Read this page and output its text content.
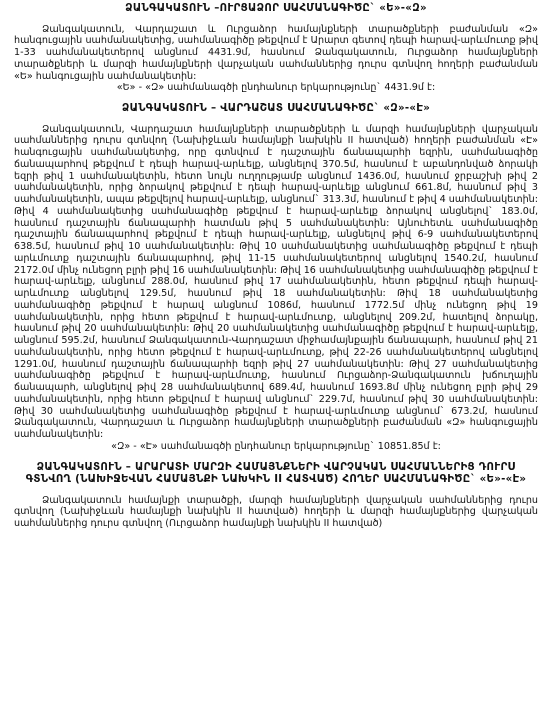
ՁԱՆԳԱԿԱՏՈՒՆ –ՈՒՐՑԱՁՈՐ ՍԱՀՄԱՆԱԳԻԾԸ` «Ե»-«Զ»

Ձանգակատուն, Վարդաշատ և Ուրցաձոր համայնքների տարածքների բաժանման «Զ» հանգուցային սահմանակետից, սահմանագիծը թեքվում է Արարտ գետով դեպի հարավ-արևմուտք թիվ 1-33 սահմանակետերով անցնում 4431.9մ, հասնում Ձանգակատուն, Ուրցաձոր համայնքների տարածքների և մարզի համայնքների վարչական սահմաններից դուրս գտնվող հողերի բաժանման «Ե» հանգուցային սահմանակետին:

«Ե» - «Զ» սահմանագծի ընդհանուր երկարությունը` 4431.9մ է:

ՁԱՆԳԱԿԱՏՈՒՆ – ՎԱՐԴԱՇԱՏ ՍԱՀՄԱՆԱԳԻԾԸ` «Զ»-«Է»

Ձանգակատուն, Վարդաշատ համայնքների տարածքների և մարզի համայնքների վարչական սահմաններից դուրս գտնվող (Նախիջևան համայնքի նախկին II հատված) հողերի բաժանման «Է» հանգուցային սահմանակետից, որը գտնվում է դաշտային ճանապարհի եզրին, սահմանագիծը ճանապարհով թեքվում է դեպի հարավ-արևելք, անցնելով 370.5մ, հասնում է աբանդոնված ձորակի եզրի թիվ 1 սահմանակետին, հետո նույն ուղղությամբ անցնում 1436.0մ, հասնում ջրբաշխի թիվ 2 սահմանակետին, որից ձորակով թեքվում է դեպի հարավ-արևելք անցնում 661.8մ, հասնում թիվ 3 սահմանակետին, ապա թեքվելով հարավ-արևելք, անցնում` 313.3մ, հասնում է թիվ 4 սահմանակետին: Թիվ 4 սահմանակետից սահմանագիծը թեքվում է հարավ-արևելք ձորակով անցնելով` 183.0մ, հասնում դաշտային ճանապարհի հատման թիվ 5 սահմանակետին: Այնուհետև սահմանագիծը դաշտային ճանապարհով թեքվում է դեպի հարավ-արևելք, անցնելով թիվ 6-9 սահմանակետերով 638.5մ, հասնում թիվ 10 սահմանակետին: Թիվ 10 սահմանակետից սահմանագիծը թեքվում է դեպի արևմուտք դաշտային ճանապարհով, թիվ 11-15 սահմանակետերով անցնելով 1540.2մ, հասնում 2172.0մ մինչ ունեցող բլրի թիվ 16 սահմանակետին: Թիվ 16 սահմանակետից սահմանագիծը թեքվում է հարավ-արևելք, անցնում 288.0մ, հասնում թիվ 17 սահմանակետին, հետո թեքվում դեպի հարավ-արևմուտք անցնելով 129.5մ, հասնում թիվ 18 սահմանակետին: Թիվ 18 սահմանակետից սահմանագիծը թեքվում է հարավ անցնում 1086մ, հասնում 1772.5մ մինչ ունեցող թիվ 19 սահմանակետին, որից հետո թեքվում է հարավ-արևմուտք, անցնելով 209.2մ, հատելով ձորակը, հասնում թիվ 20 սահմանակետին: Թիվ 20 սահմանակետից սահմանագիծը թեքվում է հարավ-արևելք, անցնում 595.2մ, հասնում Ձանգակատուն-Վարդաշատ միջհամայնքային ճանապարհ, հասնում թիվ 21 սահմանակետին, որից հետո թեքվում է հարավ-արևմուտք, թիվ 22-26 սահմանակետերով անցնելով 1291.0մ, հասնում դաշտային ճանապարհի եզրի թիվ 27 սահմանակետին: Թիվ 27 սահմանակետից սահմանագիծը թեքվում է հարավ-արևմուտք, հասնում Ուրցաձոր-Ձանգակատուն խճուղային ճանապարհ, անցնելով թիվ 28 սահմանակետով 689.4մ, հասնում 1693.8մ մինչ ունեցող բլրի թիվ 29 սահմանակետին, որից հետո թեքվում է հարավ անցնում` 229.7մ, հասնում թիվ 30 սահմանակետին: Թիվ 30 սահմանակետից սահմանագիծը թեքվում է հարավ-արևմուտք անցնում` 673.2մ, հասնում Ձանգակատուն, Վարդաշատ և Ուրցաձոր համայնքների տարածքների բաժանման «Զ» հանգուցային սահմանակետին:

«Զ» - «Է» սահմանագծի ընդհանուր երկարությունը` 10851.85մ է:

ՁԱՆԳԱԿԱՏՈՒՆ – ԱՐԱՐԱՏԻ ՄԱՐԶԻ ՀԱՄԱՅՆՔՆԵՐԻ ՎԱՐՉԱԿԱՆ ՍԱՀՄԱՆՆԵՐԻՑ ԴՈՒՐՍ ԳՏՆՎՈՂ (ՆԱԽԻՋԵՎԱՆ ՀԱՄԱՅՆՔԻ ՆԱԽԿԻՆ II ՀԱՏՎԱԾ) ՀՈՂԵՐ ՍԱՀՄԱՆԱԳԻԾԸ` «Ե»-«Է»

Ձանգակատուն համայնքի տարածքի, մարզի համայնքների վարչական սահմաններից դուրս գտնվող (Նախիջևան համայնքի նախկին II հատված) հողերի և մարզի համայնքներից վարչական սահմաններից դուրս գտնվող (Ուրցաձոր համայնքի նախկին II հատված)
